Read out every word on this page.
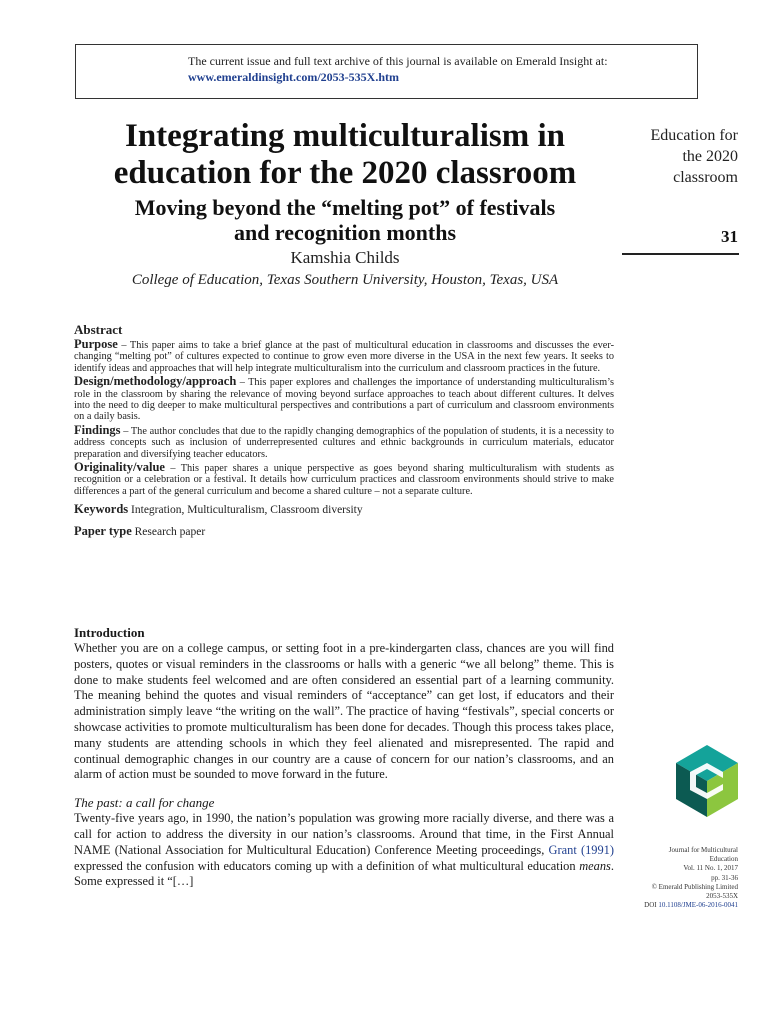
The current issue and full text archive of this journal is available on Emerald Insight at:
www.emeraldinsight.com/2053-535X.htm
Integrating multiculturalism in
education for the 2020 classroom
Moving beyond the “melting pot” of festivals
and recognition months
Kamshia Childs
College of Education, Texas Southern University, Houston, Texas, USA
Education for
the 2020
classroom
31
Abstract

Purpose – This paper aims to take a brief glance at the past of multicultural education in classrooms and discusses the ever-changing “melting pot” of cultures expected to continue to grow even more diverse in the USA in the next few years. It seeks to identify ideas and approaches that will help integrate multiculturalism into the curriculum and classroom practices in the future.

Design/methodology/approach – This paper explores and challenges the importance of understanding multiculturalism’s role in the classroom by sharing the relevance of moving beyond surface approaches to teach about different cultures. It delves into the need to dig deeper to make multicultural perspectives and contributions a part of curriculum and classroom environments on a daily basis.

Findings – The author concludes that due to the rapidly changing demographics of the population of students, it is a necessity to address concepts such as inclusion of underrepresented cultures and ethnic backgrounds in curriculum materials, educator preparation and diversifying teacher educators.

Originality/value – This paper shares a unique perspective as goes beyond sharing multiculturalism with students as recognition or a celebration or a festival. It details how curriculum practices and classroom environments should strive to make differences a part of the general curriculum and become a shared culture – not a separate culture.

Keywords Integration, Multiculturalism, Classroom diversity
Paper type Research paper
Introduction

Whether you are on a college campus, or setting foot in a pre-kindergarten class, chances are you will find posters, quotes or visual reminders in the classrooms or halls with a generic “we all belong” theme. This is done to make students feel welcomed and are often considered an essential part of a learning community. The meaning behind the quotes and visual reminders of “acceptance” can get lost, if educators and their administration simply leave “the writing on the wall”. The practice of having “festivals”, special concerts or showcase activities to promote multiculturalism has been done for decades. Though this process takes place, many students are attending schools in which they feel alienated and misrepresented. The rapid and continual demographic changes in our country are a cause of concern for our nation’s classrooms, and an alarm of action must be sounded to move forward in the future.

The past: a call for change

Twenty-five years ago, in 1990, the nation’s population was growing more racially diverse, and there was a call for action to address the diversity in our nation’s classrooms. Around that time, in the First Annual NAME (National Association for Multicultural Education) Conference Meeting proceedings, Grant (1991) expressed the confusion with educators coming up with a definition of what multicultural education means. Some expressed it “[…]

Journal for Multicultural
Education
Vol. 11 No. 1, 2017
pp. 31-36
© Emerald Publishing Limited
2053-535X
DOI 10.1108/JME-06-2016-0041
